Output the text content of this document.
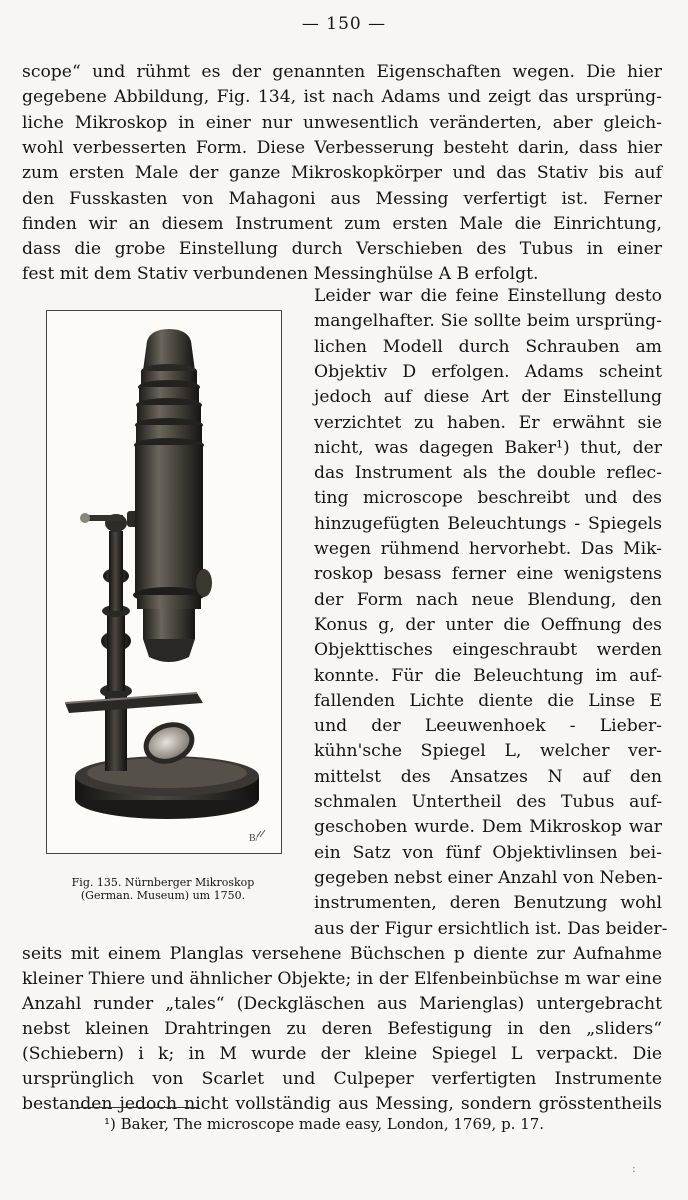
— 150 —
scope“ und rühmt es der genannten Eigenschaften wegen. Die hier
gegebene Abbildung, Fig. 134, ist nach Adams und zeigt das ursprüng-
liche Mikroskop in einer nur unwesentlich veränderten, aber gleich-
wohl verbesserten Form. Diese Verbesserung besteht darin, dass hier
zum ersten Male der ganze Mikroskopkörper und das Stativ bis auf
den Fusskasten von Mahagoni aus Messing verfertigt ist. Ferner
finden wir an diesem Instrument zum ersten Male die Einrichtung,
dass die grobe Einstellung durch Verschieben des Tubus in einer
fest mit dem Stativ verbundenen Messinghülse A B erfolgt.
Leider war die feine Einstellung desto
mangelhafter. Sie sollte beim ursprüng-
lichen Modell durch Schrauben am
Objektiv D erfolgen. Adams scheint
jedoch auf diese Art der Einstellung
verzichtet zu haben. Er erwähnt sie
nicht, was dagegen Baker¹) thut, der
das Instrument als the double reflec-
ting microscope beschreibt und des
hinzugefügten Beleuchtungs - Spiegels
wegen rühmend hervorhebt. Das Mik-
roskop besass ferner eine wenigstens
der Form nach neue Blendung, den
Konus g, der unter die Oeffnung des
Objekttisches eingeschraubt werden
konnte. Für die Beleuchtung im auf-
fallenden Lichte diente die Linse E
und der Leeuwenhoek - Lieber-
kühn'sche Spiegel L, welcher ver-
mittelst des Ansatzes N auf den
schmalen Untertheil des Tubus auf-
geschoben wurde. Dem Mikroskop war
ein Satz von fünf Objektivlinsen bei-
gegeben nebst einer Anzahl von Neben-
instrumenten, deren Benutzung wohl
aus der Figur ersichtlich ist. Das beider-
seits mit einem Planglas versehene Büchschen p diente zur Aufnahme
kleiner Thiere und ähnlicher Objekte; in der Elfenbeinbüchse m war eine
Anzahl runder „tales“ (Deckgläschen aus Marienglas) untergebracht
nebst kleinen Drahtringen zu deren Befestigung in den „sliders“
(Schiebern) i k; in M wurde der kleine Spiegel L verpackt. Die
ursprünglich von Scarlet und Culpeper verfertigten Instrumente
bestanden jedoch nicht vollständig aus Messing, sondern grösstentheils
B/
Fig. 135. Nürnberger Mikroskop
(German. Museum) um 1750.
¹) Baker, The microscope made easy, London, 1769, p. 17.
:
